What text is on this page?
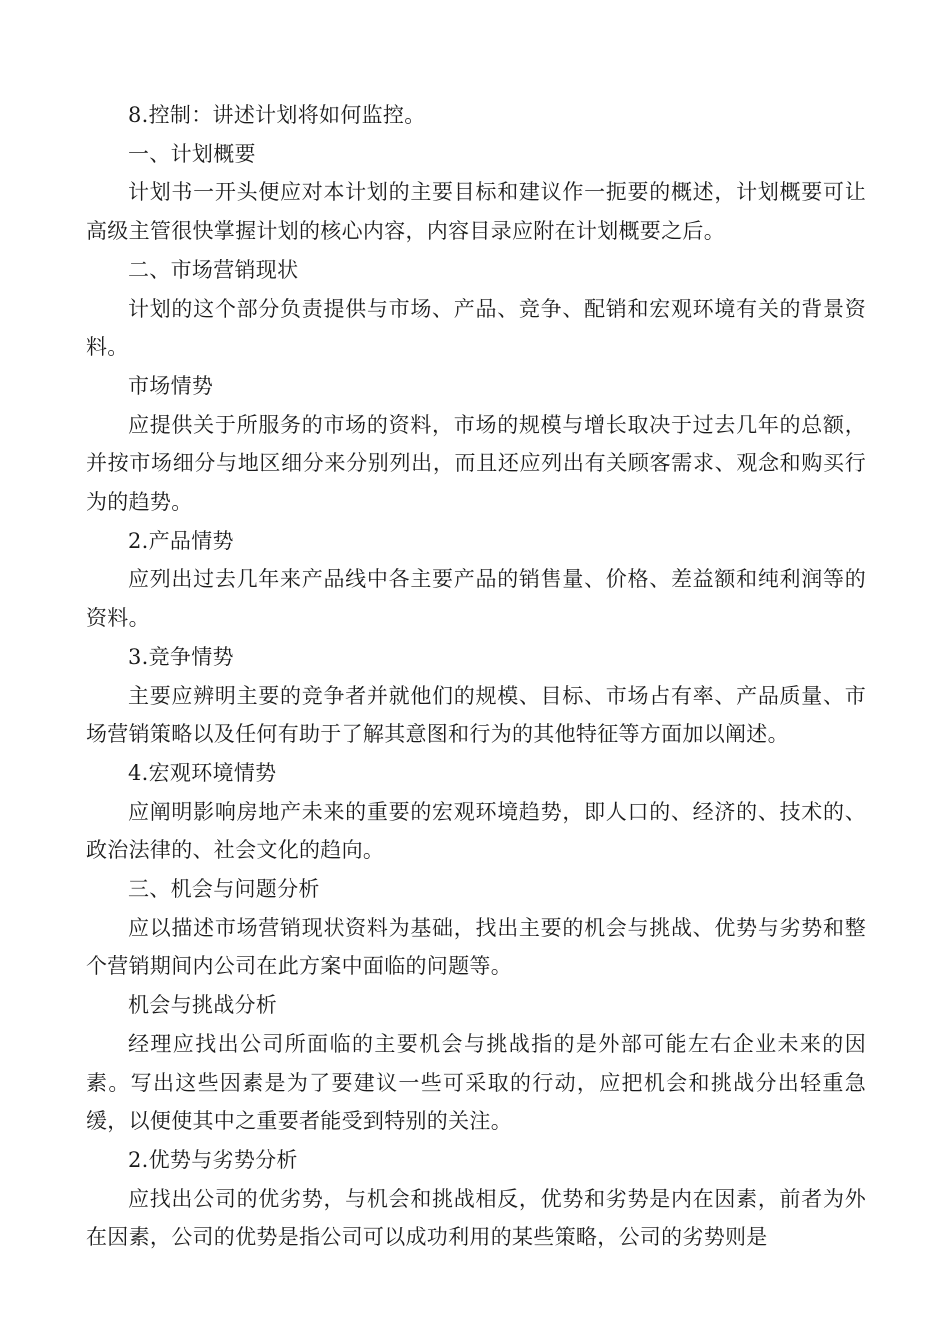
8.控制：讲述计划将如何监控。

一、计划概要

计划书一开头便应对本计划的主要目标和建议作一扼要的概述，计划概要可让高级主管很快掌握计划的核心内容，内容目录应附在计划概要之后。

二、市场营销现状

计划的这个部分负责提供与市场、产品、竞争、配销和宏观环境有关的背景资料。

市场情势

应提供关于所服务的市场的资料，市场的规模与增长取决于过去几年的总额，并按市场细分与地区细分来分别列出，而且还应列出有关顾客需求、观念和购买行为的趋势。

2.产品情势

应列出过去几年来产品线中各主要产品的销售量、价格、差益额和纯利润等的资料。

3.竞争情势

主要应辨明主要的竞争者并就他们的规模、目标、市场占有率、产品质量、市场营销策略以及任何有助于了解其意图和行为的其他特征等方面加以阐述。

4.宏观环境情势

应阐明影响房地产未来的重要的宏观环境趋势，即人口的、经济的、技术的、政治法律的、社会文化的趋向。

三、机会与问题分析

应以描述市场营销现状资料为基础，找出主要的机会与挑战、优势与劣势和整个营销期间内公司在此方案中面临的问题等。

机会与挑战分析

经理应找出公司所面临的主要机会与挑战指的是外部可能左右企业未来的因素。写出这些因素是为了要建议一些可采取的行动，应把机会和挑战分出轻重急缓，以便使其中之重要者能受到特别的关注。

2.优势与劣势分析

应找出公司的优劣势，与机会和挑战相反，优势和劣势是内在因素，前者为外在因素，公司的优势是指公司可以成功利用的某些策略，公司的劣势则是
